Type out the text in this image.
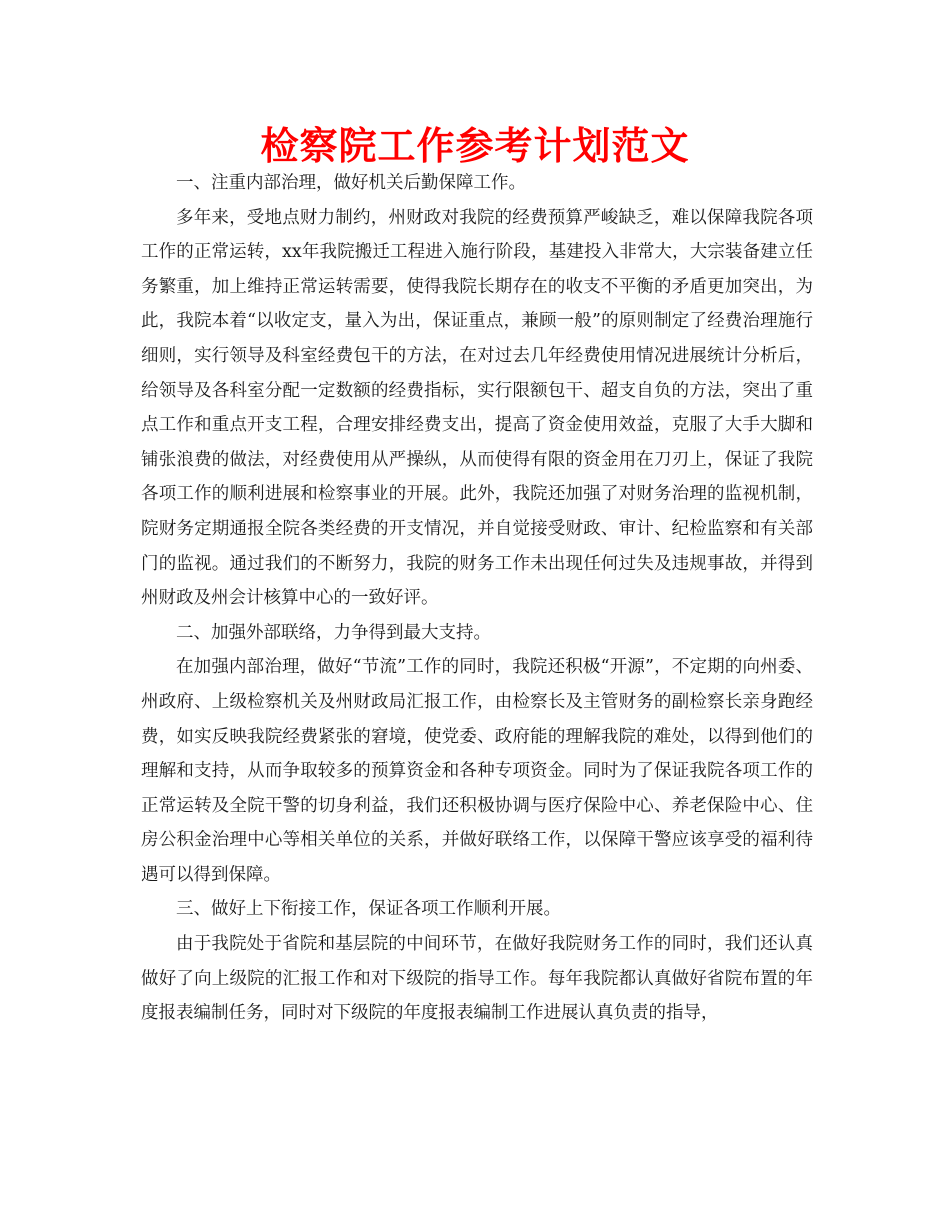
检察院工作参考计划范文

一、注重内部治理，做好机关后勤保障工作。

多年来，受地点财力制约，州财政对我院的经费预算严峻缺乏，难以保障我院各项工作的正常运转，xx年我院搬迁工程进入施行阶段，基建投入非常大，大宗装备建立任务繁重，加上维持正常运转需要，使得我院长期存在的收支不平衡的矛盾更加突出，为此，我院本着“以收定支，量入为出，保证重点，兼顾一般”的原则制定了经费治理施行细则，实行领导及科室经费包干的方法，在对过去几年经费使用情况进展统计分析后，给领导及各科室分配一定数额的经费指标，实行限额包干、超支自负的方法，突出了重点工作和重点开支工程，合理安排经费支出，提高了资金使用效益，克服了大手大脚和铺张浪费的做法，对经费使用从严操纵，从而使得有限的资金用在刀刃上，保证了我院各项工作的顺利进展和检察事业的开展。此外，我院还加强了对财务治理的监视机制，院财务定期通报全院各类经费的开支情况，并自觉接受财政、审计、纪检监察和有关部门的监视。通过我们的不断努力，我院的财务工作未出现任何过失及违规事故，并得到州财政及州会计核算中心的一致好评。

二、加强外部联络，力争得到最大支持。

在加强内部治理，做好“节流”工作的同时，我院还积极“开源”，不定期的向州委、州政府、上级检察机关及州财政局汇报工作，由检察长及主管财务的副检察长亲身跑经费，如实反映我院经费紧张的窘境，使党委、政府能的理解我院的难处，以得到他们的理解和支持，从而争取较多的预算资金和各种专项资金。同时为了保证我院各项工作的正常运转及全院干警的切身利益，我们还积极协调与医疗保险中心、养老保险中心、住房公积金治理中心等相关单位的关系，并做好联络工作，以保障干警应该享受的福利待遇可以得到保障。

三、做好上下衔接工作，保证各项工作顺利开展。

由于我院处于省院和基层院的中间环节，在做好我院财务工作的同时，我们还认真做好了向上级院的汇报工作和对下级院的指导工作。每年我院都认真做好省院布置的年度报表编制任务，同时对下级院的年度报表编制工作进展认真负责的指导，
